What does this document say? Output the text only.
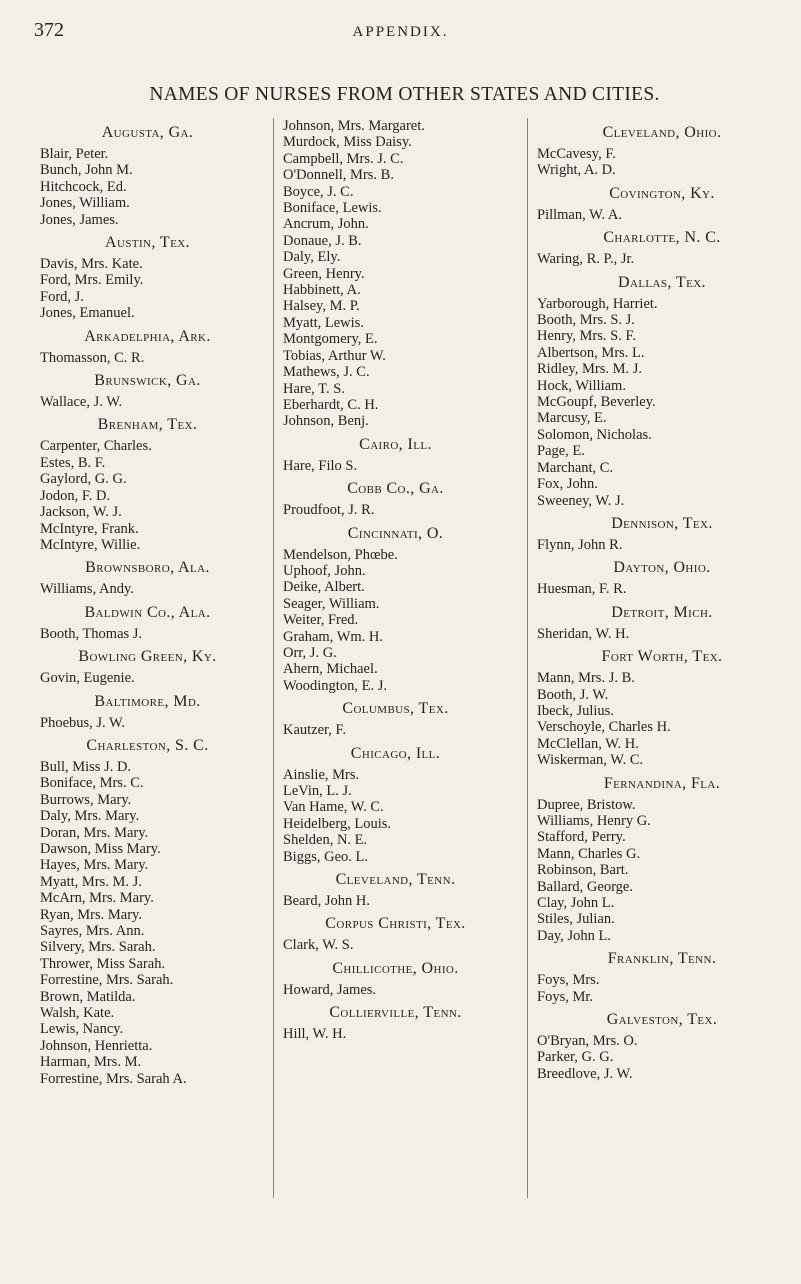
372	APPENDIX.
NAMES OF NURSES FROM OTHER STATES AND CITIES.
Augusta, Ga.
Blair, Peter.
Bunch, John M.
Hitchcock, Ed.
Jones, William.
Jones, James.
Austin, Tex.
Davis, Mrs. Kate.
Ford, Mrs. Emily.
Ford, J.
Jones, Emanuel.
Arkadelphia, Ark.
Thomasson, C. R.
Brunswick, Ga.
Wallace, J. W.
Brenham, Tex.
Carpenter, Charles.
Estes, B. F.
Gaylord, G. G.
Jodon, F. D.
Jackson, W. J.
McIntyre, Frank.
McIntyre, Willie.
Brownsboro, Ala.
Williams, Andy.
Baldwin Co., Ala.
Booth, Thomas J.
Bowling Green, Ky.
Govin, Eugenie.
Baltimore, Md.
Phoebus, J. W.
Charleston, S. C.
Bull, Miss J. D.
Boniface, Mrs. C.
Burrows, Mary.
Daly, Mrs. Mary.
Doran, Mrs. Mary.
Dawson, Miss Mary.
Hayes, Mrs. Mary.
Myatt, Mrs. M. J.
McArn, Mrs. Mary.
Ryan, Mrs. Mary.
Sayres, Mrs. Ann.
Silvery, Mrs. Sarah.
Thrower, Miss Sarah.
Forrestine, Mrs. Sarah.
Brown, Matilda.
Walsh, Kate.
Lewis, Nancy.
Johnson, Henrietta.
Harman, Mrs. M.
Forrestine, Mrs. Sarah A.
Johnson, Mrs. Margaret.
Murdock, Miss Daisy.
Campbell, Mrs. J. C.
O'Donnell, Mrs. B.
Boyce, J. C.
Boniface, Lewis.
Ancrum, John.
Donaue, J. B.
Daly, Ely.
Green, Henry.
Habbinett, A.
Halsey, M. P.
Myatt, Lewis.
Montgomery, E.
Tobias, Arthur W.
Mathews, J. C.
Hare, T. S.
Eberhardt, C. H.
Johnson, Benj.
Cairo, Ill.
Hare, Filo S.
Cobb Co., Ga.
Proudfoot, J. R.
Cincinnati, O.
Mendelson, Phœbe.
Uphoof, John.
Deike, Albert.
Seager, William.
Weiter, Fred.
Graham, Wm. H.
Orr, J. G.
Ahern, Michael.
Woodington, E. J.
Columbus, Tex.
Kautzer, F.
Chicago, Ill.
Ainslie, Mrs.
LeVin, L. J.
Van Hame, W. C.
Heidelberg, Louis.
Shelden, N. E.
Biggs, Geo. L.
Cleveland, Tenn.
Beard, John H.
Corpus Christi, Tex.
Clark, W. S.
Chillicothe, Ohio.
Howard, James.
Collierville, Tenn.
Hill, W. H.
Cleveland, Ohio.
McCavesy, F.
Wright, A. D.
Covington, Ky.
Pillman, W. A.
Charlotte, N. C.
Waring, R. P., Jr.
Dallas, Tex.
Yarborough, Harriet.
Booth, Mrs. S. J.
Henry, Mrs. S. F.
Albertson, Mrs. L.
Ridley, Mrs. M. J.
Hock, William.
McGoupf, Beverley.
Marcusy, E.
Solomon, Nicholas.
Page, E.
Marchant, C.
Fox, John.
Sweeney, W. J.
Dennison, Tex.
Flynn, John R.
Dayton, Ohio.
Huesman, F. R.
Detroit, Mich.
Sheridan, W. H.
Fort Worth, Tex.
Mann, Mrs. J. B.
Booth, J. W.
Ibeck, Julius.
Verschoyle, Charles H.
McClellan, W. H.
Wiskerman, W. C.
Fernandina, Fla.
Dupree, Bristow.
Williams, Henry G.
Stafford, Perry.
Mann, Charles G.
Robinson, Bart.
Ballard, George.
Clay, John L.
Stiles, Julian.
Day, John L.
Franklin, Tenn.
Foys, Mrs.
Foys, Mr.
Galveston, Tex.
O'Bryan, Mrs. O.
Parker, G. G.
Breedlove, J. W.
